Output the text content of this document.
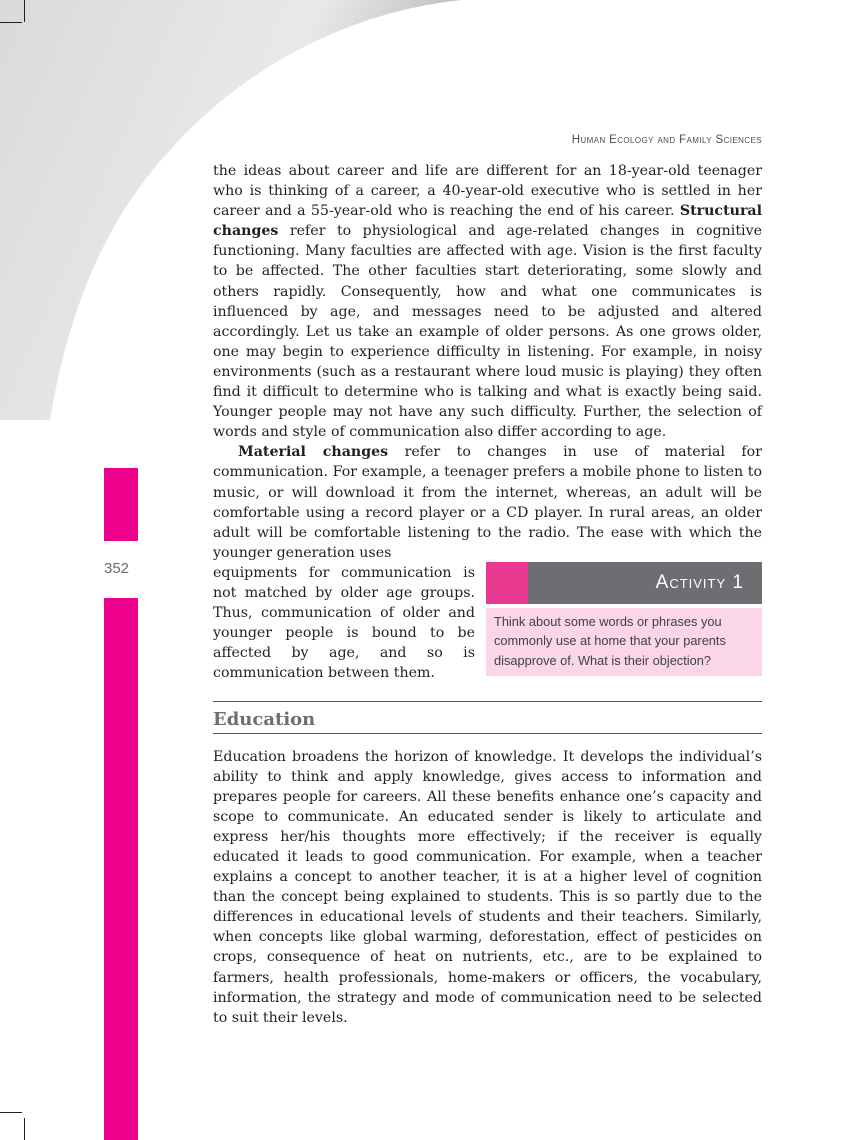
Human Ecology and Family Sciences
352

the ideas about career and life are different for an 18-year-old teenager who is thinking of a career, a 40-year-old executive who is settled in her career and a 55-year-old who is reaching the end of his career. Structural changes refer to physiological and age-related changes in cognitive functioning. Many faculties are affected with age. Vision is the first faculty to be affected. The other faculties start deteriorating, some slowly and others rapidly. Consequently, how and what one communicates is influenced by age, and messages need to be adjusted and altered accordingly. Let us take an example of older persons. As one grows older, one may begin to experience difficulty in listening. For example, in noisy environments (such as a restaurant where loud music is playing) they often find it difficult to determine who is talking and what is exactly being said. Younger people may not have any such difficulty. Further, the selection of words and style of communication also differ according to age.

Material changes refer to changes in use of material for communication. For example, a teenager prefers a mobile phone to listen to music, or will download it from the internet, whereas, an adult will be comfortable using a record player or a CD player. In rural areas, an older adult will be comfortable listening to the radio. The ease with which the younger generation uses

Activity 1
Think about some words or phrases you commonly use at home that your parents disapprove of. What is their objection?

equipments for communication is not matched by older age groups. Thus, communication of older and younger people is bound to be affected by age, and so is communication between them.

Education

Education broadens the horizon of knowledge. It develops the individual’s ability to think and apply knowledge, gives access to information and prepares people for careers. All these benefits enhance one’s capacity and scope to communicate. An educated sender is likely to articulate and express her/his thoughts more effectively; if the receiver is equally educated it leads to good communication. For example, when a teacher explains a concept to another teacher, it is at a higher level of cognition than the concept being explained to students. This is so partly due to the differences in educational levels of students and their teachers. Similarly, when concepts like global warming, deforestation, effect of pesticides on crops, consequence of heat on nutrients, etc., are to be explained to farmers, health professionals, home-makers or officers, the vocabulary, information, the strategy and mode of communication need to be selected to suit their levels.
